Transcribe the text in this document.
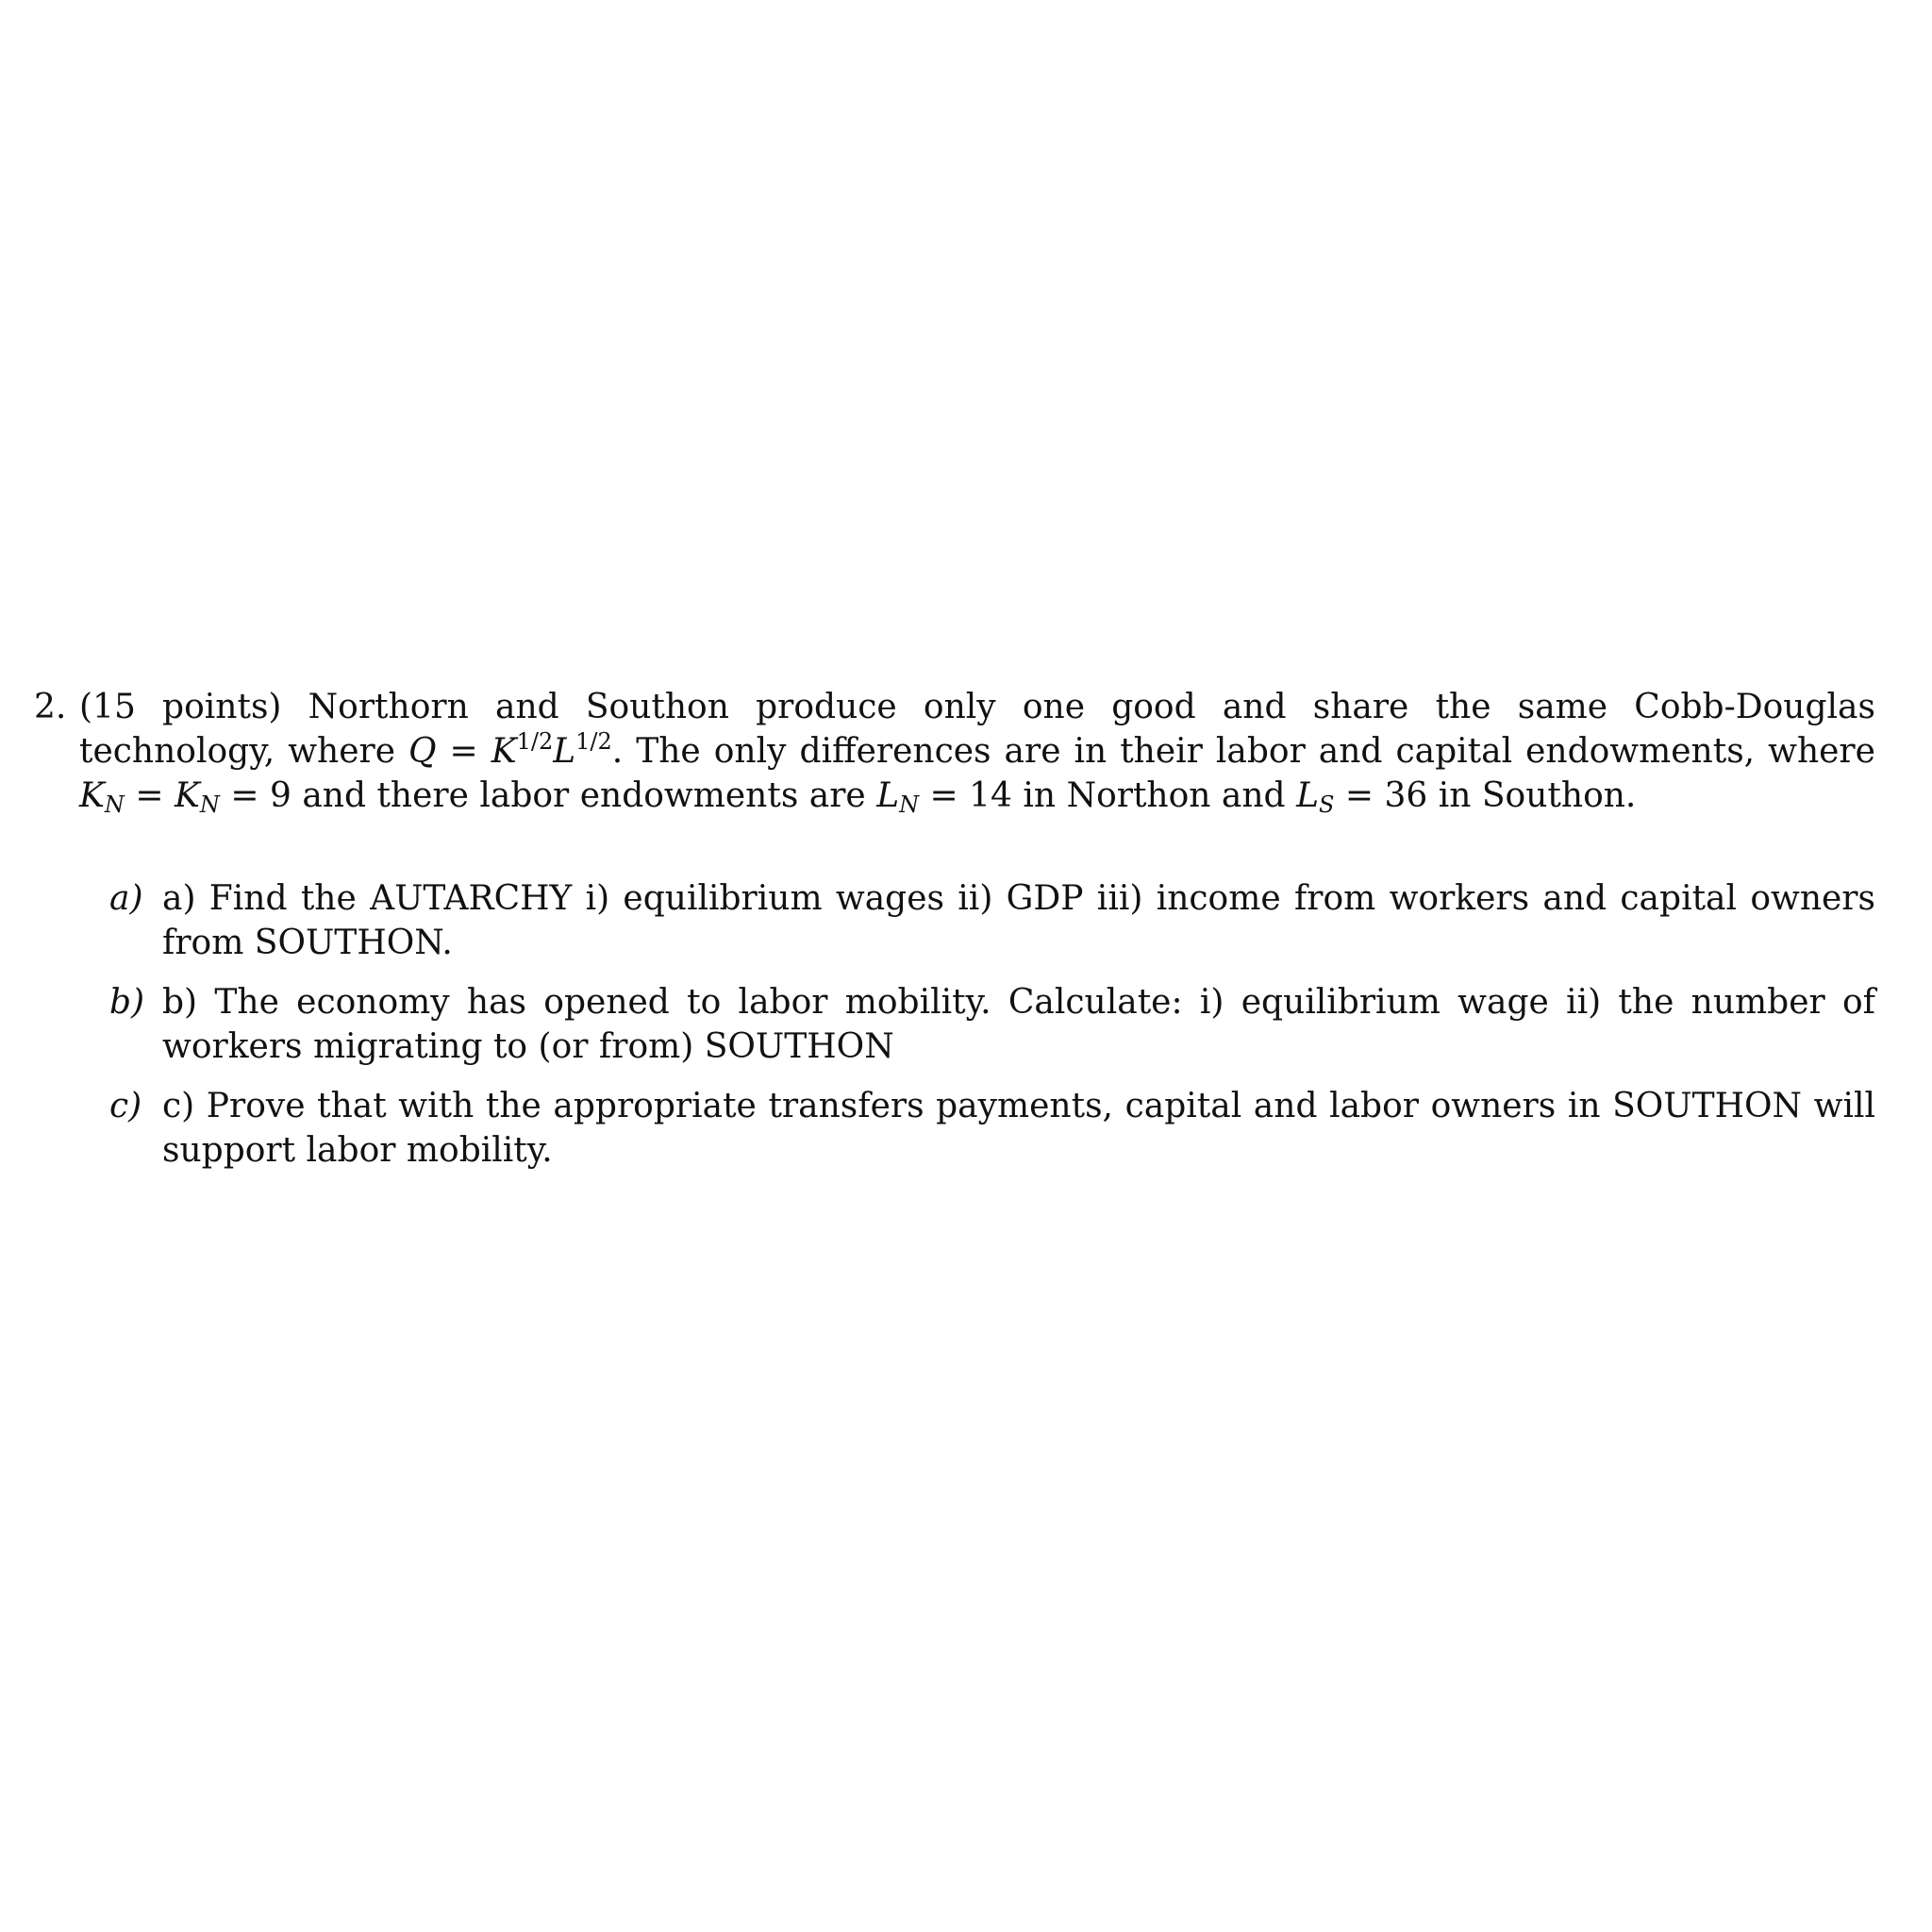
2. (15 points) Northorn and Southon produce only one good and share the same Cobb-Douglas technology, where $Q = K^{1/2}L^{1/2}$. The only differences are in their labor and capital endowments, where $K_N = K_N = 9$ and there labor endowments are $L_N = 14$ in Northon and $L_S = 36$ in Southon.
a) a) Find the AUTARCHY i) equilibrium wages ii) GDP iii) income from workers and capital owners from SOUTHON.
b) b) The economy has opened to labor mobility. Calculate: i) equilibrium wage ii) the number of workers migrating to (or from) SOUTHON
c) c) Prove that with the appropriate transfers payments, capital and labor owners in SOUTHON will support labor mobility.
